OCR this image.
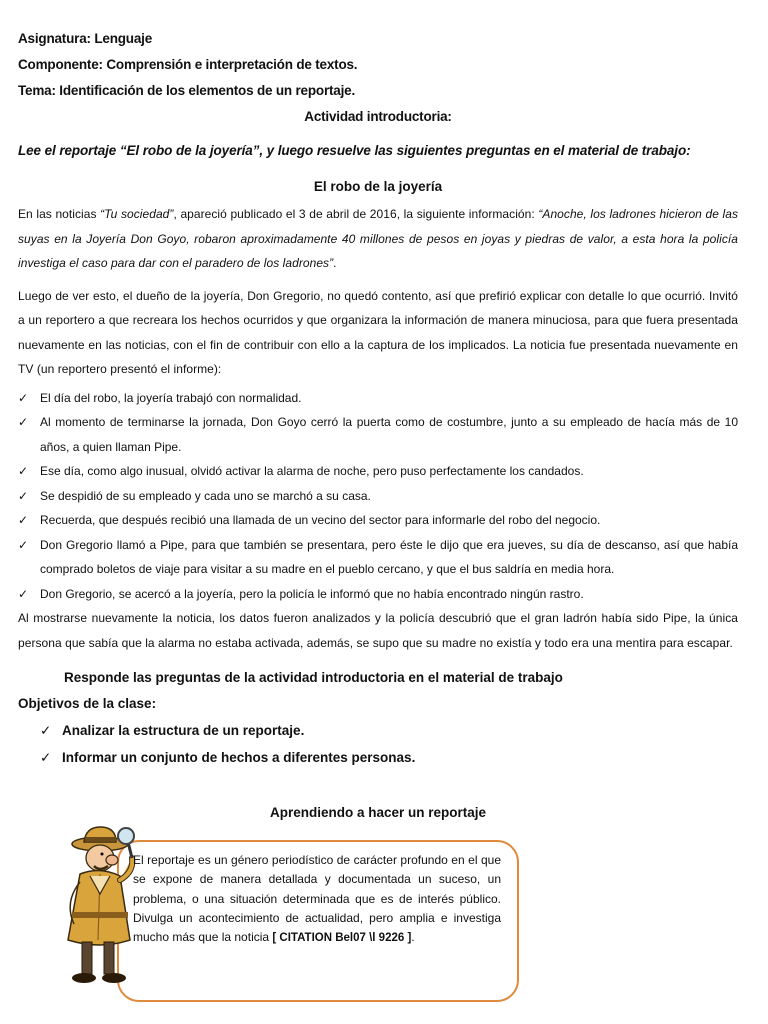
Asignatura: Lenguaje
Componente: Comprensión e interpretación de textos.
Tema: Identificación de los elementos de un reportaje.
Actividad introductoria:
Lee el reportaje “El robo de la joyería”, y luego resuelve las siguientes preguntas en el material de trabajo:
El robo de la joyería

En las noticias “Tu sociedad”, apareció publicado el 3 de abril de 2016, la siguiente información: “Anoche, los ladrones hicieron de las suyas en la Joyería Don Goyo, robaron aproximadamente 40 millones de pesos en joyas y piedras de valor, a esta hora la policía investiga el caso para dar con el paradero de los ladrones”.

Luego de ver esto, el dueño de la joyería, Don Gregorio, no quedó contento, así que prefirió explicar con detalle lo que ocurrió. Invitó a un reportero a que recreara los hechos ocurridos y que organizara la información de manera minuciosa, para que fuera presentada nuevamente en las noticias, con el fin de contribuir con ello a la captura de los implicados. La noticia fue presentada nuevamente en TV (un reportero presentó el informe):

✓ El día del robo, la joyería trabajó con normalidad.
✓ Al momento de terminarse la jornada, Don Goyo cerró la puerta como de costumbre, junto a su empleado de hacía más de 10 años, a quien llaman Pipe.
✓ Ese día, como algo inusual, olvidó activar la alarma de noche, pero puso perfectamente los candados.
✓ Se despidió de su empleado y cada uno se marchó a su casa.
✓ Recuerda, que después recibió una llamada de un vecino del sector para informarle del robo del negocio.
✓ Don Gregorio llamó a Pipe, para que también se presentara, pero éste le dijo que era jueves, su día de descanso, así que había comprado boletos de viaje para visitar a su madre en el pueblo cercano, y que el bus saldría en media hora.
✓ Don Gregorio, se acercó a la joyería, pero la policía le informó que no había encontrado ningún rastro.

Al mostrarse nuevamente la noticia, los datos fueron analizados y la policía descubrió que el gran ladrón había sido Pipe, la única persona que sabía que la alarma no estaba activada, además, se supo que su madre no existía y todo era una mentira para escapar.

Responde las preguntas de la actividad introductoria en el material de trabajo
Objetivos de la clase:
✓ Analizar la estructura de un reportaje.
✓ Informar un conjunto de hechos a diferentes personas.
Aprendiendo a hacer un reportaje
El reportaje es un género periodístico de carácter profundo en el que se expone de manera detallada y documentada un suceso, un problema, o una situación determinada que es de interés público. Divulga un acontecimiento de actualidad, pero amplia e investiga mucho más que la noticia [ CITATION Bel07 \l 9226 ].
